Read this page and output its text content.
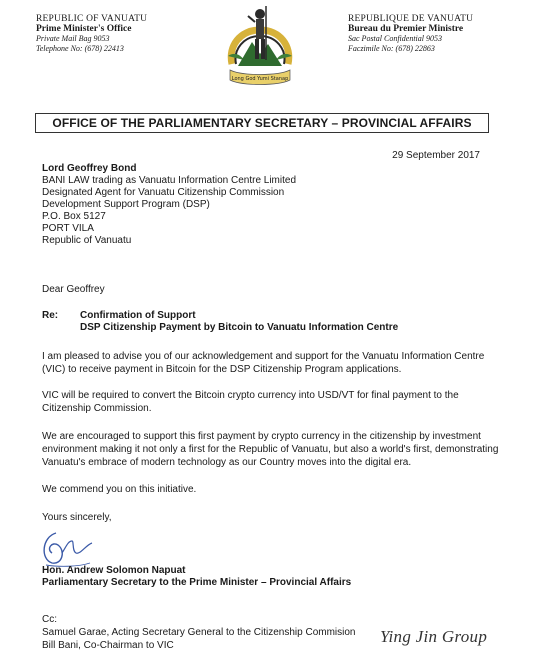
REPUBLIC OF VANUATU
Prime Minister's Office
Private Mail Bag 9053
Telephone No: (678) 22413
Long God Yumi Stanap
REPUBLIQUE DE VANUATU
Bureau du Premier Ministre
Sac Postal Confidential 9053
Faczimile No: (678) 22863
OFFICE OF THE PARLIAMENTARY SECRETARY – PROVINCIAL AFFAIRS
29 September 2017
Lord Geoffrey Bond
BANI LAW trading as Vanuatu Information Centre Limited
Designated Agent for Vanuatu Citizenship Commission
Development Support Program (DSP)
P.O. Box 5127
PORT VILA
Republic of Vanuatu
Dear Geoffrey
Re: Confirmation of Support
DSP Citizenship Payment by Bitcoin to Vanuatu Information Centre
I am pleased to advise you of our acknowledgement and support for the Vanuatu Information Centre
(VIC) to receive payment in Bitcoin for the DSP Citizenship Program applications.
VIC will be required to convert the Bitcoin crypto currency into USD/VT for final payment to the
Citizenship Commission.
We are encouraged to support this first payment by crypto currency in the citizenship by investment
environment making it not only a first for the Republic of Vanuatu, but also a world's first, demonstrating
Vanuatu's embrace of modern technology as our Country moves into the digital era.
We commend you on this initiative.
Yours sincerely,
Hon. Andrew Solomon Napuat
Parliamentary Secretary to the Prime Minister – Provincial Affairs
Cc:
Samuel Garae, Acting Secretary General to the Citizenship Commision
Bill Bani, Co-Chairman to VIC	Ying Jin Group
